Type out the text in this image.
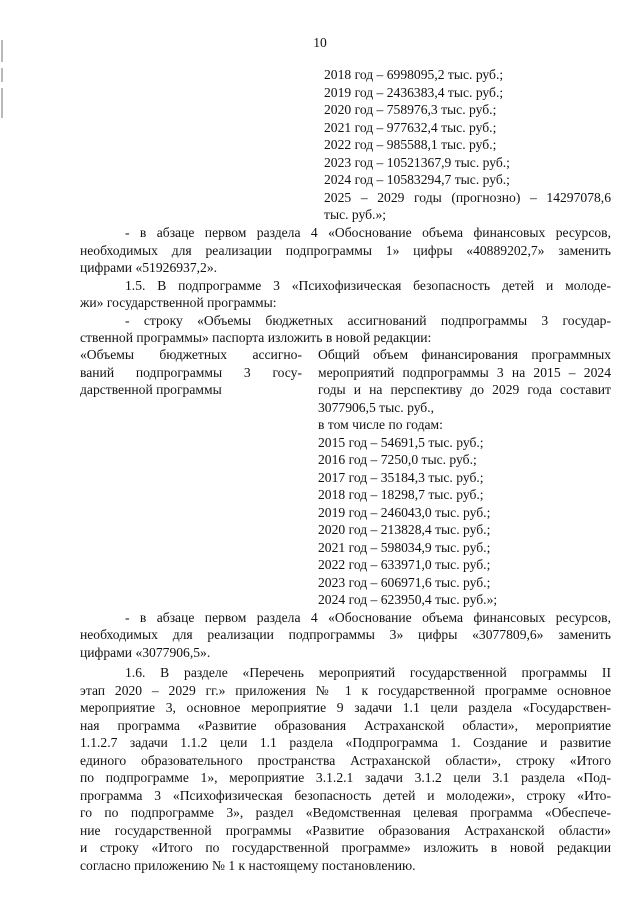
10
2018 год – 6998095,2 тыс. руб.;
2019 год – 2436383,4 тыс. руб.;
2020 год – 758976,3 тыс. руб.;
2021 год – 977632,4 тыс. руб.;
2022 год – 985588,1 тыс. руб.;
2023 год – 10521367,9 тыс. руб.;
2024 год – 10583294,7 тыс. руб.;
2025 – 2029 годы (прогнозно) – 14297078,6
тыс. руб.»;
- в абзаце первом раздела 4 «Обоснование объема финансовых ресурсов,
необходимых для реализации подпрограммы 1» цифры «40889202,7» заменить
цифрами «51926937,2».
1.5. В подпрограмме 3 «Психофизическая безопасность детей и молоде-
жи» государственной программы:
- строку «Объемы бюджетных ассигнований подпрограммы 3 государ-
ственной программы» паспорта изложить в новой редакции:
«Объемы бюджетных ассигно-
ваний подпрограммы 3 госу-
дарственной программы
Общий объем финансирования программных
мероприятий подпрограммы 3 на 2015 – 2024
годы и на перспективу до 2029 года составит
3077906,5 тыс. руб.,
в том числе по годам:
2015 год – 54691,5 тыс. руб.;
2016 год – 7250,0 тыс. руб.;
2017 год – 35184,3 тыс. руб.;
2018 год – 18298,7 тыс. руб.;
2019 год – 246043,0 тыс. руб.;
2020 год – 213828,4 тыс. руб.;
2021 год – 598034,9 тыс. руб.;
2022 год – 633971,0 тыс. руб.;
2023 год – 606971,6 тыс. руб.;
2024 год – 623950,4 тыс. руб.»;
- в абзаце первом раздела 4 «Обоснование объема финансовых ресурсов,
необходимых для реализации подпрограммы 3» цифры «3077809,6» заменить
цифрами «3077906,5».
1.6. В разделе «Перечень мероприятий государственной программы II
этап 2020 – 2029 гг.» приложения № 1 к государственной программе основное
мероприятие 3, основное мероприятие 9 задачи 1.1 цели раздела «Государствен-
ная программа «Развитие образования Астраханской области», мероприятие
1.1.2.7 задачи 1.1.2 цели 1.1 раздела «Подпрограмма 1. Создание и развитие
единого образовательного пространства Астраханской области», строку «Итого
по подпрограмме 1», мероприятие 3.1.2.1 задачи 3.1.2 цели 3.1 раздела «Под-
программа 3 «Психофизическая безопасность детей и молодежи», строку «Ито-
го по подпрограмме 3», раздел «Ведомственная целевая программа «Обеспече-
ние государственной программы «Развитие образования Астраханской области»
и строку «Итого по государственной программе» изложить в новой редакции
согласно приложению № 1 к настоящему постановлению.
